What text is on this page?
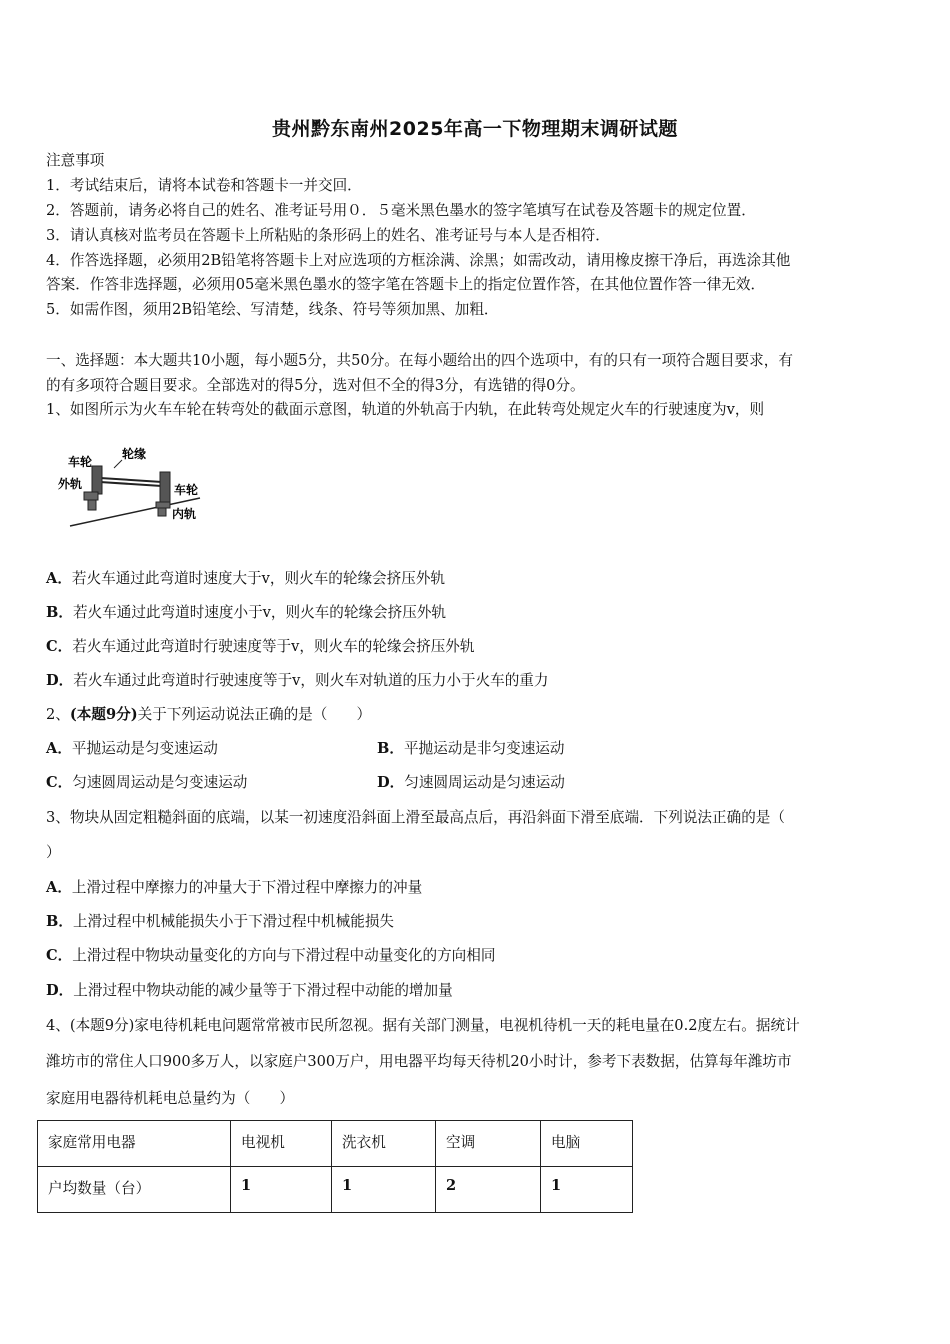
贵州黔东南州2025年高一下物理期末调研试题
注意事项
1．考试结束后，请将本试卷和答题卡一并交回．
2．答题前，请务必将自己的姓名、准考证号用０．５毫米黑色墨水的签字笔填写在试卷及答题卡的规定位置．
3．请认真核对监考员在答题卡上所粘贴的条形码上的姓名、准考证号与本人是否相符．
4．作答选择题，必须用2B铅笔将答题卡上对应选项的方框涂满、涂黑；如需改动，请用橡皮擦干净后，再选涂其他
答案．作答非选择题，必须用05毫米黑色墨水的签字笔在答题卡上的指定位置作答，在其他位置作答一律无效．
5．如需作图，须用2B铅笔绘、写清楚，线条、符号等须加黑、加粗．
一、选择题：本大题共10小题，每小题5分，共50分。在每小题给出的四个选项中，有的只有一项符合题目要求，有
的有多项符合题目要求。全部选对的得5分，选对但不全的得3分，有选错的得0分。
1、如图所示为火车车轮在转弯处的截面示意图，轨道的外轨高于内轨，在此转弯处规定火车的行驶速度为v，则
轮缘
车轮
外轨	车轮
内轨
A．若火车通过此弯道时速度大于v，则火车的轮缘会挤压外轨
B．若火车通过此弯道时速度小于v，则火车的轮缘会挤压外轨
C．若火车通过此弯道时行驶速度等于v，则火车的轮缘会挤压外轨
D．若火车通过此弯道时行驶速度等于v，则火车对轨道的压力小于火车的重力
2、(本题9分)关于下列运动说法正确的是（　　）
A．平抛运动是匀变速运动	B．平抛运动是非匀变速运动
C．匀速圆周运动是匀变速运动	D．匀速圆周运动是匀速运动
3、物块从固定粗糙斜面的底端，以某一初速度沿斜面上滑至最高点后，再沿斜面下滑至底端．下列说法正确的是（
）
A．上滑过程中摩擦力的冲量大于下滑过程中摩擦力的冲量
B．上滑过程中机械能损失小于下滑过程中机械能损失
C．上滑过程中物块动量变化的方向与下滑过程中动量变化的方向相同
D．上滑过程中物块动能的减少量等于下滑过程中动能的增加量
4、(本题9分)家电待机耗电问题常常被市民所忽视。据有关部门测量，电视机待机一天的耗电量在0.2度左右。据统计
潍坊市的常住人口900多万人，以家庭户300万户，用电器平均每天待机20小时计，参考下表数据，估算每年潍坊市
家庭用电器待机耗电总量约为（　　）
家庭常用电器	电视机	洗衣机	空调	电脑
户均数量（台）	1	1	2	1
